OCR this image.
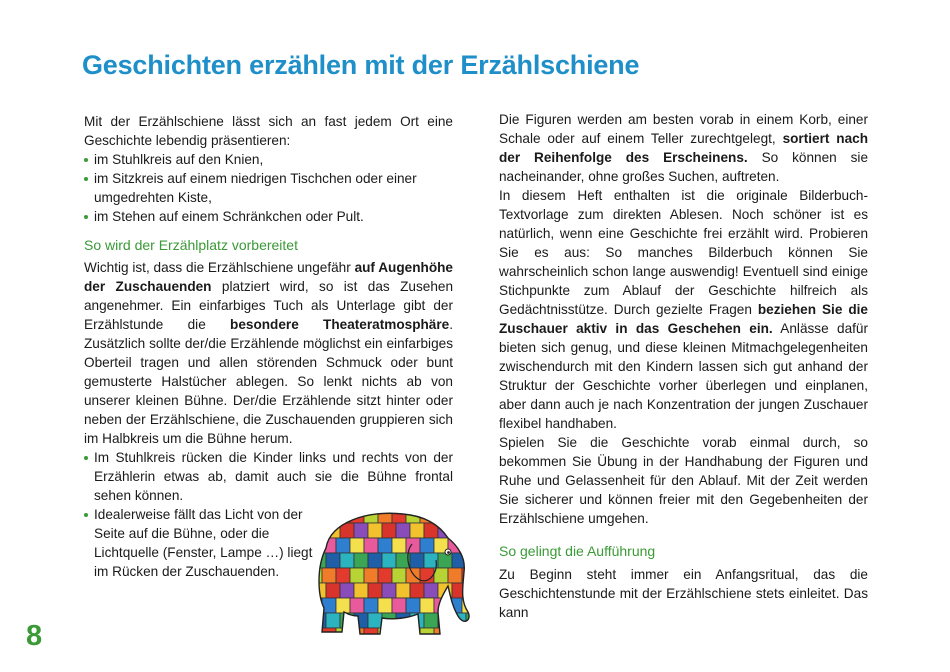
Geschichten erzählen mit der Erzählschiene

Mit der Erzählschiene lässt sich an fast jedem Ort eine Geschichte lebendig präsentieren:

im Stuhlkreis auf den Knien,
im Sitzkreis auf einem niedrigen Tischchen oder einer umgedrehten Kiste,
im Stehen auf einem Schränkchen oder Pult.
So wird der Erzählplatz vorbereitet

Wichtig ist, dass die Erzählschiene ungefähr auf Augenhöhe der Zuschauenden platziert wird, so ist das Zusehen angenehmer. Ein einfarbiges Tuch als Unterlage gibt der Erzählstunde die besondere Theateratmosphäre. Zusätzlich sollte der/die Erzählende möglichst ein einfarbiges Oberteil tragen und allen störenden Schmuck oder bunt gemusterte Halstücher ablegen. So lenkt nichts ab von unserer kleinen Bühne. Der/die Erzählende sitzt hinter oder neben der Erzählschiene, die Zuschauenden gruppieren sich im Halbkreis um die Bühne herum.

Im Stuhlkreis rücken die Kinder links und rechts von der Erzählerin etwas ab, damit auch sie die Bühne frontal sehen können.
Idealerweise fällt das Licht von der Seite auf die Bühne, oder die Lichtquelle (Fenster, Lampe …) liegt im Rücken der Zuschauenden.

Die Figuren werden am besten vorab in einem Korb, einer Schale oder auf einem Teller zurechtgelegt, sortiert nach der Reihenfolge des Erscheinens. So können sie nacheinander, ohne großes Suchen, auftreten.

In diesem Heft enthalten ist die originale Bilderbuch-Textvorlage zum direkten Ablesen. Noch schöner ist es natürlich, wenn eine Geschichte frei erzählt wird. Probieren Sie es aus: So manches Bilderbuch können Sie wahrscheinlich schon lange auswendig! Eventuell sind einige Stichpunkte zum Ablauf der Geschichte hilfreich als Gedächtnisstütze. Durch gezielte Fragen beziehen Sie die Zuschauer aktiv in das Geschehen ein. Anlässe dafür bieten sich genug, und diese kleinen Mitmachgelegenheiten zwischendurch mit den Kindern lassen sich gut anhand der Struktur der Geschichte vorher überlegen und einplanen, aber dann auch je nach Konzentration der jungen Zuschauer flexibel handhaben.

Spielen Sie die Geschichte vorab einmal durch, so bekommen Sie Übung in der Handhabung der Figuren und Ruhe und Gelassenheit für den Ablauf. Mit der Zeit werden Sie sicherer und können freier mit den Gegebenheiten der Erzählschiene umgehen.

So gelingt die Aufführung

Zu Beginn steht immer ein Anfangsritual, das die Geschichtenstunde mit der Erzählschiene stets einleitet. Das kann

8
